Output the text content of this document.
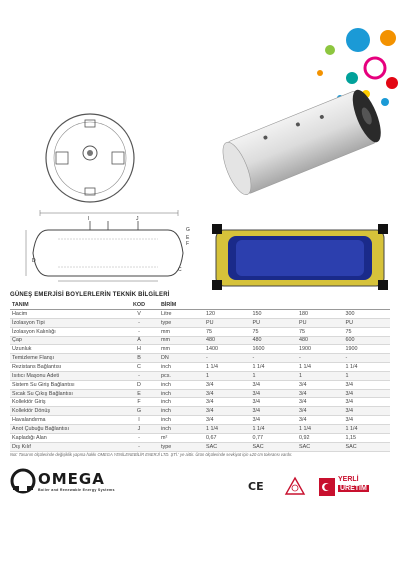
I	J
G
E
F
D
C
GÜNEŞ EMERJİSİ BOYLERLERİN TEKNİK BİLGİLERİ
TANIM	KOD	BİRİM				
Hacim	V	Litre	120	150	180	300
İzolasyon Tipi	-	type	PU	PU	PU	PU
İzolasyon Kalınlığı	-	mm	75	75	75	75
Çap	A	mm	480	480	480	600
Uzunluk	H	mm	1400	1600	1900	1900
Temizleme Flanşı	B	DN	-	-	-	-
Rezistans Bağlantısı	C	inch	1 1/4	1 1/4	1 1/4	1 1/4
Isıtıcı Maşonu Adeti	-	pcs.	1	1	1	1
Sistem Su Giriş Bağlantısı	D	inch	3/4	3/4	3/4	3/4
Sıcak Su Çıkış Bağlantısı	E	inch	3/4	3/4	3/4	3/4
Kollektör Giriş	F	inch	3/4	3/4	3/4	3/4
Kollektör Dönüş	G	inch	3/4	3/4	3/4	3/4
Havalandırma	I	inch	3/4	3/4	3/4	3/4
Anot Çubuğu Bağlantısı	J	inch	1 1/4	1 1/4	1 1/4	1 1/4
Kapladığı Alan	-	m²	0,67	0,77	0,92	1,15
Dış Kılıf	-	type	SAC	SAC	SAC	SAC
Not: Tasarım ölçülerinde değişiklik yapma hakkı OMEGA YENİLENEBİLİR ENERJİ LTD. ŞTİ.' ye aittir. Ürün ölçülerinde sevkiyat için ±20 cm toleransı vardır.
OMEGA
Boiler and Renewable Energy Systems	CE
YERLİ
ÜRETİM
